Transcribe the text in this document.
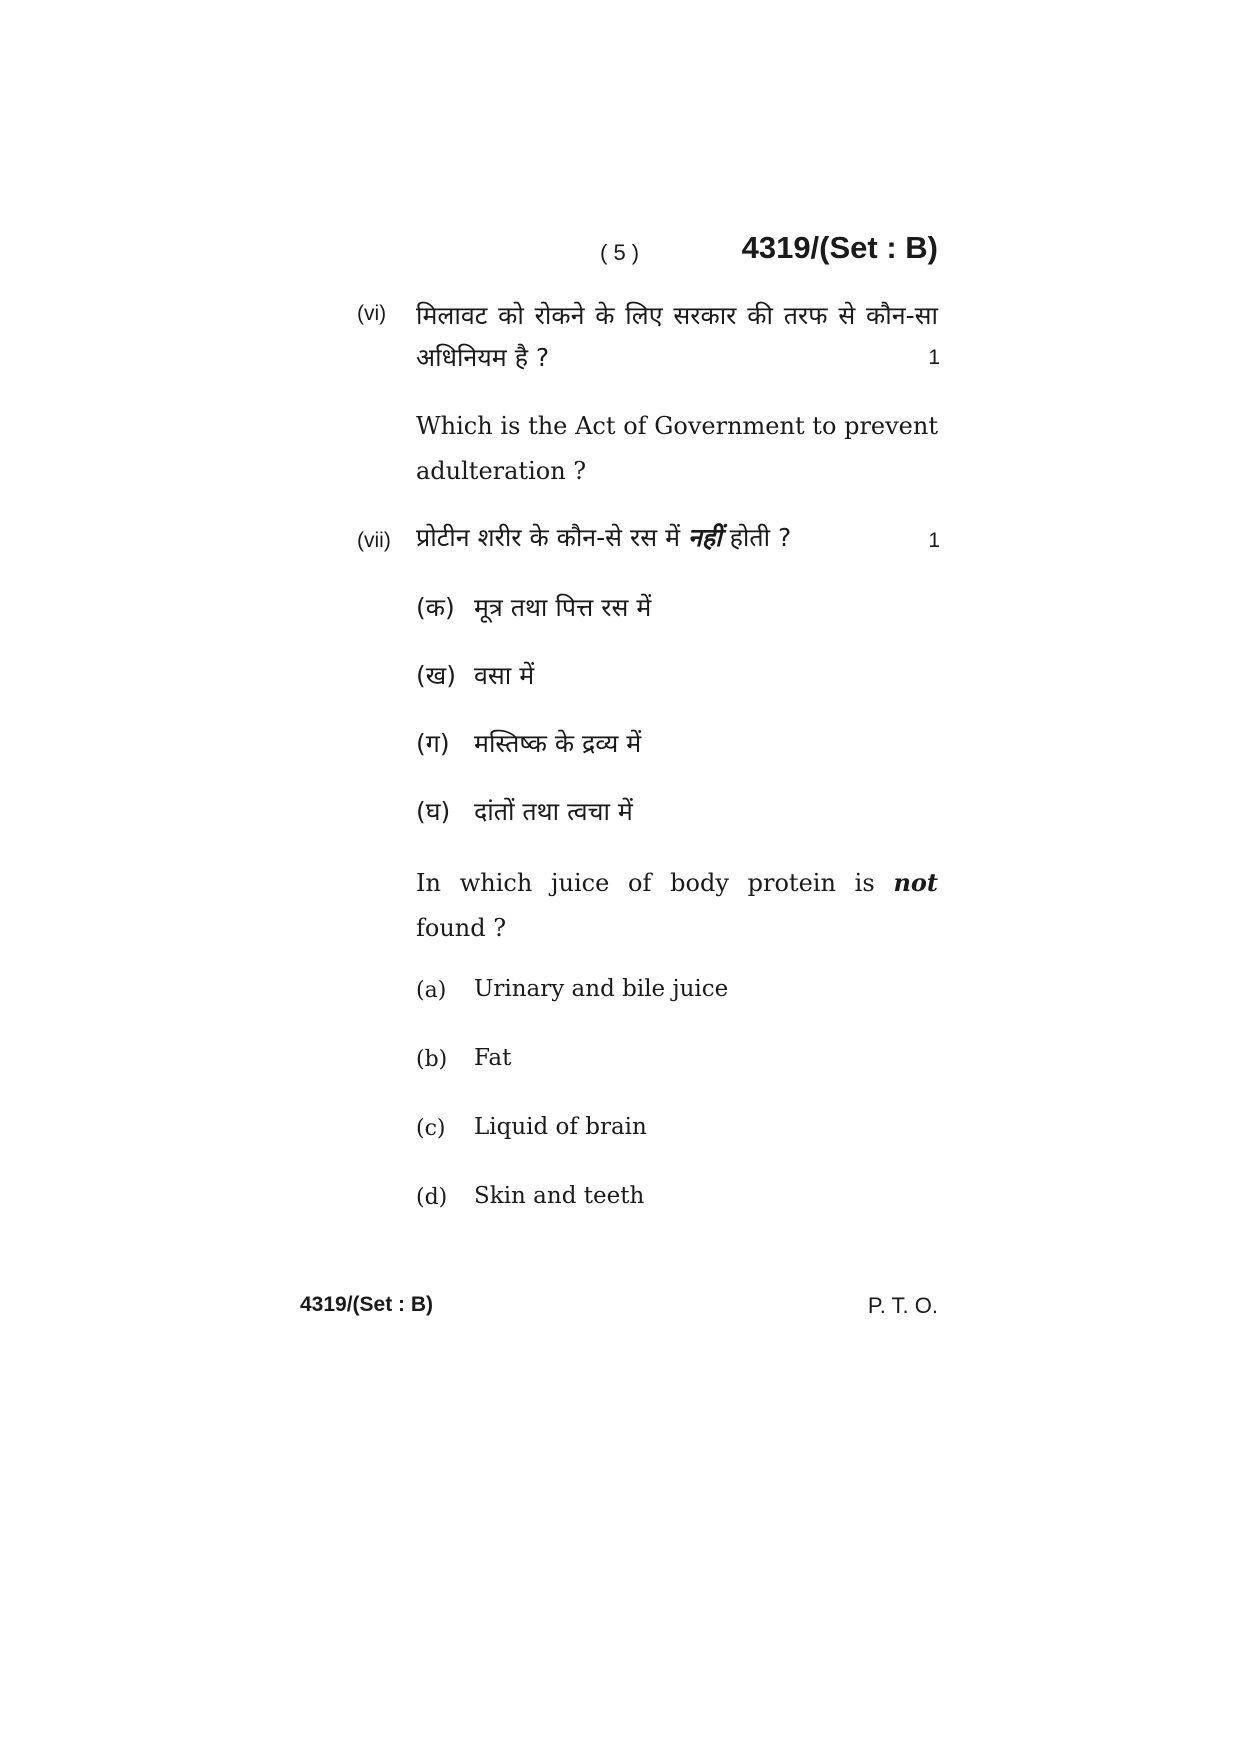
( 5 )	4319/(Set : B)
(vi) मिलावट को रोकने के लिए सरकार की तरफ से कौन-सा
अधिनियम है ?	1
Which is the Act of Government to prevent
adulteration ?
(vii) प्रोटीन शरीर के कौन-से रस में नहीं होती ?	1
(क) मूत्र तथा पित्त रस में
(ख) वसा में
(ग) मस्तिष्क के द्रव्य में
(घ) दांतों तथा त्वचा में
In which juice of body protein is not
found ?
(a) Urinary and bile juice
(b) Fat
(c) Liquid of brain
(d) Skin and teeth
4319/(Set : B)	P. T. O.
